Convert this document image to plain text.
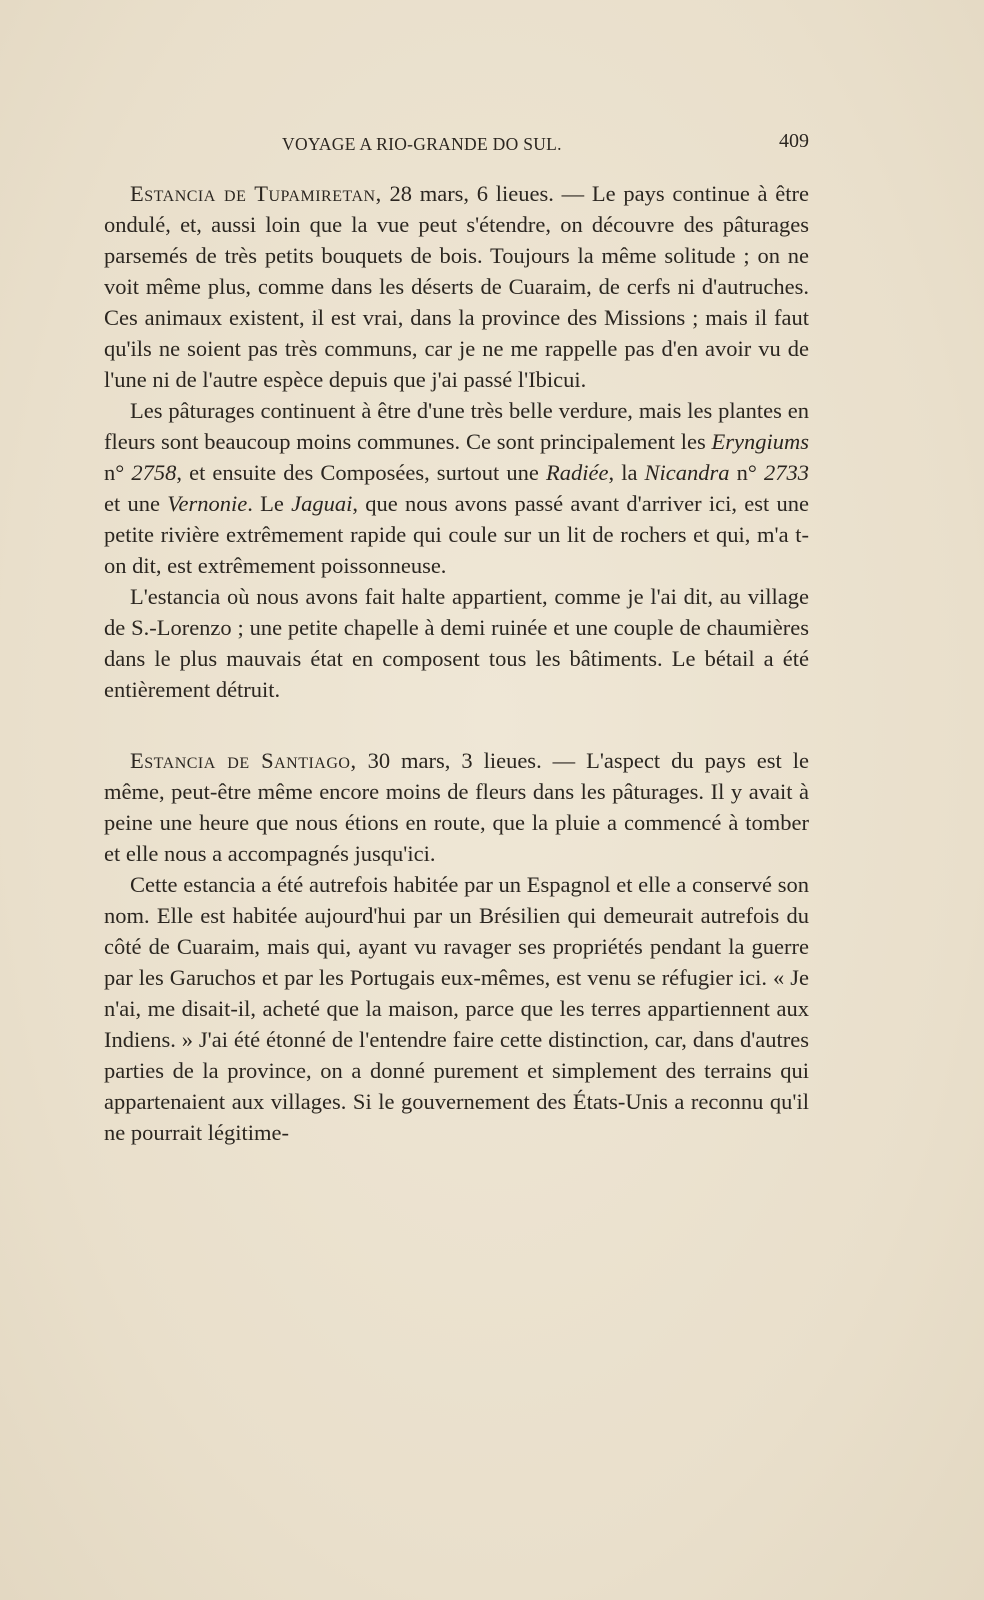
VOYAGE A RIO-GRANDE DO SUL.	409

Estancia de Tupamiretan, 28 mars, 6 lieues. — Le pays continue à être ondulé, et, aussi loin que la vue peut s'étendre, on découvre des pâturages parsemés de très petits bouquets de bois. Toujours la même solitude ; on ne voit même plus, comme dans les déserts de Cuaraim, de cerfs ni d'autruches. Ces animaux existent, il est vrai, dans la province des Missions ; mais il faut qu'ils ne soient pas très communs, car je ne me rappelle pas d'en avoir vu de l'une ni de l'autre espèce depuis que j'ai passé l'Ibicui.

Les pâturages continuent à être d'une très belle verdure, mais les plantes en fleurs sont beaucoup moins communes. Ce sont principalement les Eryngiums n° 2758, et ensuite des Composées, surtout une Radiée, la Nicandra n° 2733 et une Vernonie. Le Jaguai, que nous avons passé avant d'arriver ici, est une petite rivière extrêmement rapide qui coule sur un lit de rochers et qui, m'a t-on dit, est extrêmement poissonneuse.

L'estancia où nous avons fait halte appartient, comme je l'ai dit, au village de S.-Lorenzo ; une petite chapelle à demi ruinée et une couple de chaumières dans le plus mauvais état en composent tous les bâtiments. Le bétail a été entièrement détruit.

Estancia de Santiago, 30 mars, 3 lieues. — L'aspect du pays est le même, peut-être même encore moins de fleurs dans les pâturages. Il y avait à peine une heure que nous étions en route, que la pluie a commencé à tomber et elle nous a accompagnés jusqu'ici.

Cette estancia a été autrefois habitée par un Espagnol et elle a conservé son nom. Elle est habitée aujourd'hui par un Brésilien qui demeurait autrefois du côté de Cuaraim, mais qui, ayant vu ravager ses propriétés pendant la guerre par les Garuchos et par les Portugais eux-mêmes, est venu se réfugier ici. « Je n'ai, me disait-il, acheté que la maison, parce que les terres appartiennent aux Indiens. » J'ai été étonné de l'entendre faire cette distinction, car, dans d'autres parties de la province, on a donné purement et simplement des terrains qui appartenaient aux villages. Si le gouvernement des États-Unis a reconnu qu'il ne pourrait légitime-
